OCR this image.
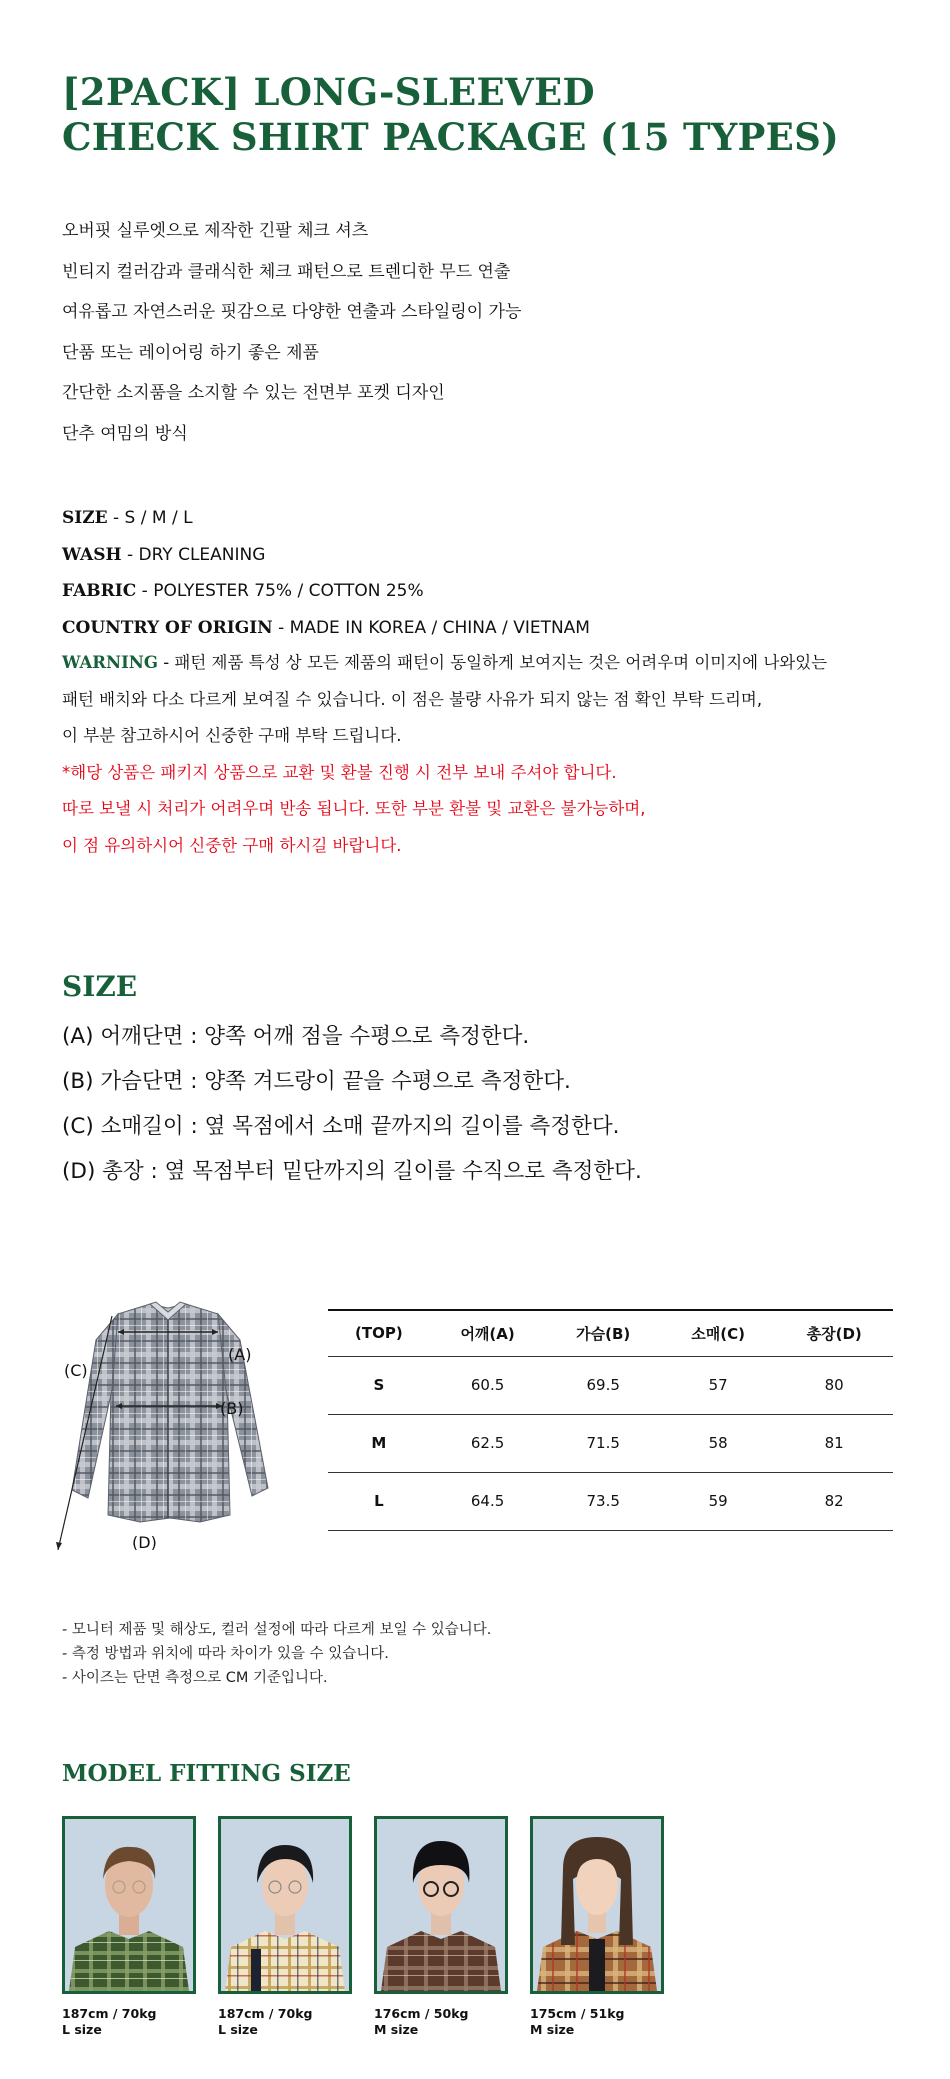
[2PACK] LONG-SLEEVED
CHECK SHIRT PACKAGE (15 TYPES)
오버핏 실루엣으로 제작한 긴팔 체크 셔츠
빈티지 컬러감과 클래식한 체크 패턴으로 트렌디한 무드 연출
여유롭고 자연스러운 핏감으로 다양한 연출과 스타일링이 가능
단품 또는 레이어링 하기 좋은 제품
간단한 소지품을 소지할 수 있는 전면부 포켓 디자인
단추 여밈의 방식
SIZE - S / M / L
WASH - DRY CLEANING
FABRIC - POLYESTER 75% / COTTON 25%
COUNTRY OF ORIGIN - MADE IN KOREA / CHINA / VIETNAM
WARNING - 패턴 제품 특성 상 모든 제품의 패턴이 동일하게 보여지는 것은 어려우며 이미지에 나와있는
패턴 배치와 다소 다르게 보여질 수 있습니다. 이 점은 불량 사유가 되지 않는 점 확인 부탁 드리며,
이 부분 참고하시어 신중한 구매 부탁 드립니다.
*해당 상품은 패키지 상품으로 교환 및 환불 진행 시 전부 보내 주셔야 합니다.
따로 보낼 시 처리가 어려우며 반송 됩니다. 또한 부분 환불 및 교환은 불가능하며,
이 점 유의하시어 신중한 구매 하시길 바랍니다.
SIZE
(A) 어깨단면 : 양쪽 어깨 점을 수평으로 측정한다.
(B) 가슴단면 : 양쪽 겨드랑이 끝을 수평으로 측정한다.
(C) 소매길이 : 옆 목점에서 소매 끝까지의 길이를 측정한다.
(D) 총장 : 옆 목점부터 밑단까지의 길이를 수직으로 측정한다.
(A)
(B)
(C)
(D)
(TOP)	어깨(A)	가슴(B)	소매(C)	총장(D)
S	60.5	69.5	57	80
M	62.5	71.5	58	81
L	64.5	73.5	59	82
- 모니터 제품 및 해상도, 컬러 설정에 따라 다르게 보일 수 있습니다.
- 측정 방법과 위치에 따라 차이가 있을 수 있습니다.
- 사이즈는 단면 측정으로 CM 기준입니다.
MODEL FITTING SIZE
187cm / 70kg
L size
187cm / 70kg
L size
176cm / 50kg
M size
175cm / 51kg
M size
